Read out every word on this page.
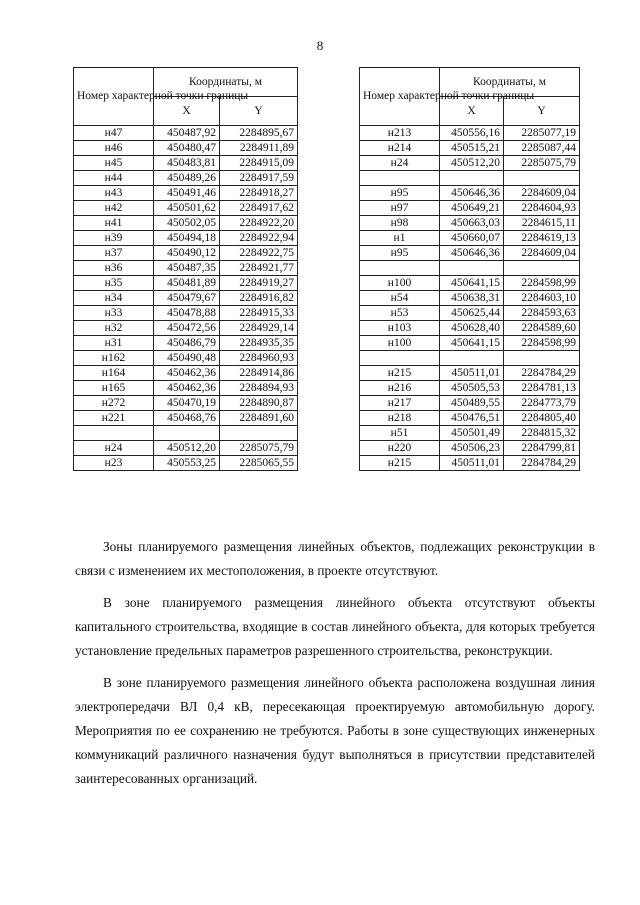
8
Номер характерной точки границы	Координаты, м	
	X	Y
н47	450487,92	2284895,67
н46	450480,47	2284911,89
н45	450483,81	2284915,09
н44	450489,26	2284917,59
н43	450491,46	2284918,27
н42	450501,62	2284917,62
н41	450502,05	2284922,20
н39	450494,18	2284922,94
н37	450490,12	2284922,75
н36	450487,35	2284921,77
н35	450481,89	2284919,27
н34	450479,67	2284916,82
н33	450478,88	2284915,33
н32	450472,56	2284929,14
н31	450486,79	2284935,35
н162	450490,48	2284960,93
н164	450462,36	2284914,86
н165	450462,36	2284894,93
н272	450470,19	2284890,87
н221	450468,76	2284891,60

н24	450512,20	2285075,79
н23	450553,25	2285065,55
Номер характерной точки границы	Координаты, м	
	X	Y
н213	450556,16	2285077,19
н214	450515,21	2285087,44
н24	450512,20	2285075,79

н95	450646,36	2284609,04
н97	450649,21	2284604,93
н98	450663,03	2284615,11
н1	450660,07	2284619,13
н95	450646,36	2284609,04

н100	450641,15	2284598,99
н54	450638,31	2284603,10
н53	450625,44	2284593,63
н103	450628,40	2284589,60
н100	450641,15	2284598,99

н215	450511,01	2284784,29
н216	450505,53	2284781,13
н217	450489,55	2284773,79
н218	450476,51	2284805,40
н51	450501,49	2284815,32
н220	450506,23	2284799,81
н215	450511,01	2284784,29

Зоны планируемого размещения линейных объектов, подлежащих реконструкции в связи с изменением их местоположения, в проекте отсутствуют.

В зоне планируемого размещения линейного объекта отсутствуют объекты капитального строительства, входящие в состав линейного объекта, для которых требуется установление предельных параметров разрешенного строительства, реконструкции.

В зоне планируемого размещения линейного объекта расположена воздушная линия электропередачи ВЛ 0,4 кВ, пересекающая проектируемую автомобильную дорогу. Мероприятия по ее сохранению не требуются. Работы в зоне существующих инженерных коммуникаций различного назначения будут выполняться в присутствии представителей заинтересованных организаций.
